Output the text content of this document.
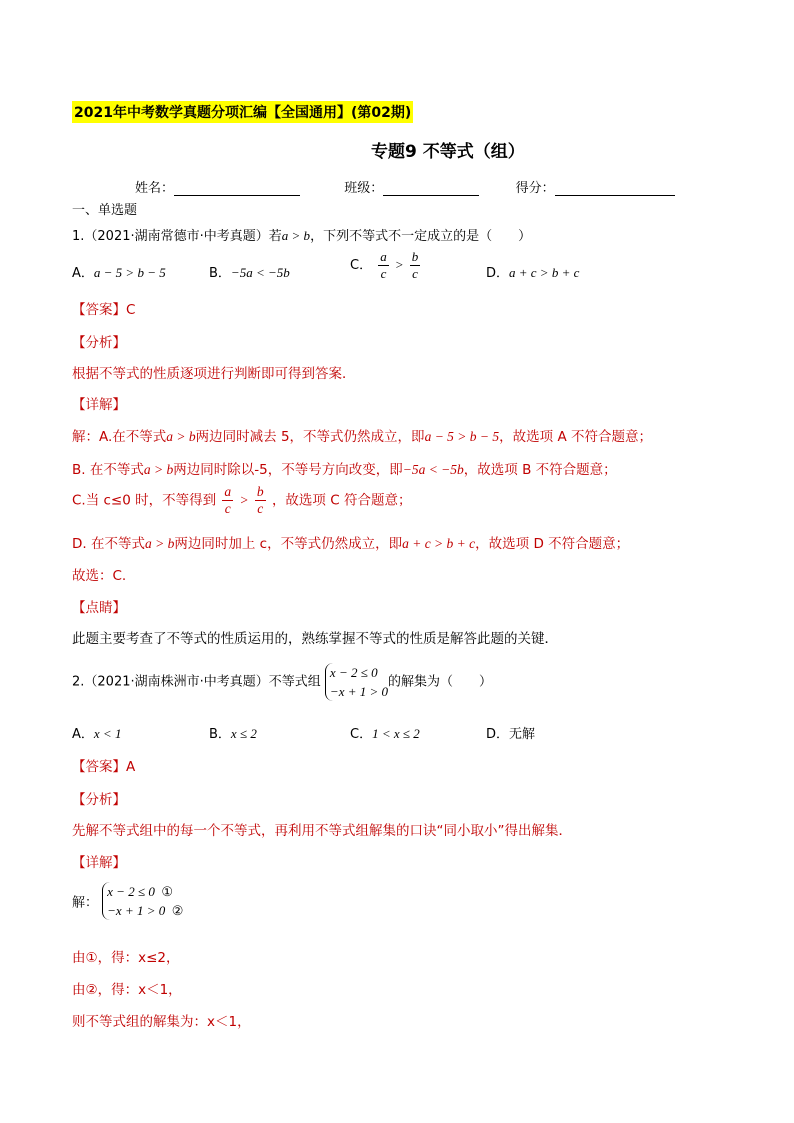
2021年中考数学真题分项汇编【全国通用】(第02期)
专题9 不等式（组）
姓名：	班级：	得分：
一、单选题
1.（2021·湖南常德市·中考真题）若a > b，下列不等式不一定成立的是（　　）
A．a − 5 > b − 5	B．−5a < −5b	C． $\frac{a}{c} > \frac{b}{c}$	D．a + c > b + c
【答案】C
【分析】
根据不等式的性质逐项进行判断即可得到答案．
【详解】
解：A.在不等式a > b两边同时减去 5，不等式仍然成立，即a − 5 > b − 5，故选项 A 不符合题意；
B. 在不等式a > b两边同时除以-5，不等号方向改变，即−5a < −5b，故选项 B 不符合题意；
C.当 c≤0 时，不等得到 $\frac{a}{c} > \frac{b}{c}$ ，故选项 C 符合题意；
D. 在不等式a > b两边同时加上 c，不等式仍然成立，即a + c > b + c，故选项 D 不符合题意；
故选：C.
【点睛】
此题主要考查了不等式的性质运用的，熟练掌握不等式的性质是解答此题的关键．
2.（2021·湖南株洲市·中考真题）不等式组
x − 2 ≤ 0
−x + 1 > 0
的解集为（　　）
A．x < 1	B．x ≤ 2	C．1 < x ≤ 2	D．无解
【答案】A
【分析】
先解不等式组中的每一个不等式，再利用不等式组解集的口诀“同小取小”得出解集．
【详解】
解：
x − 2 ≤ 0 ①
−x + 1 > 0 ②
由①，得：x≤2，
由②，得：x＜1，
则不等式组的解集为：x＜1，
